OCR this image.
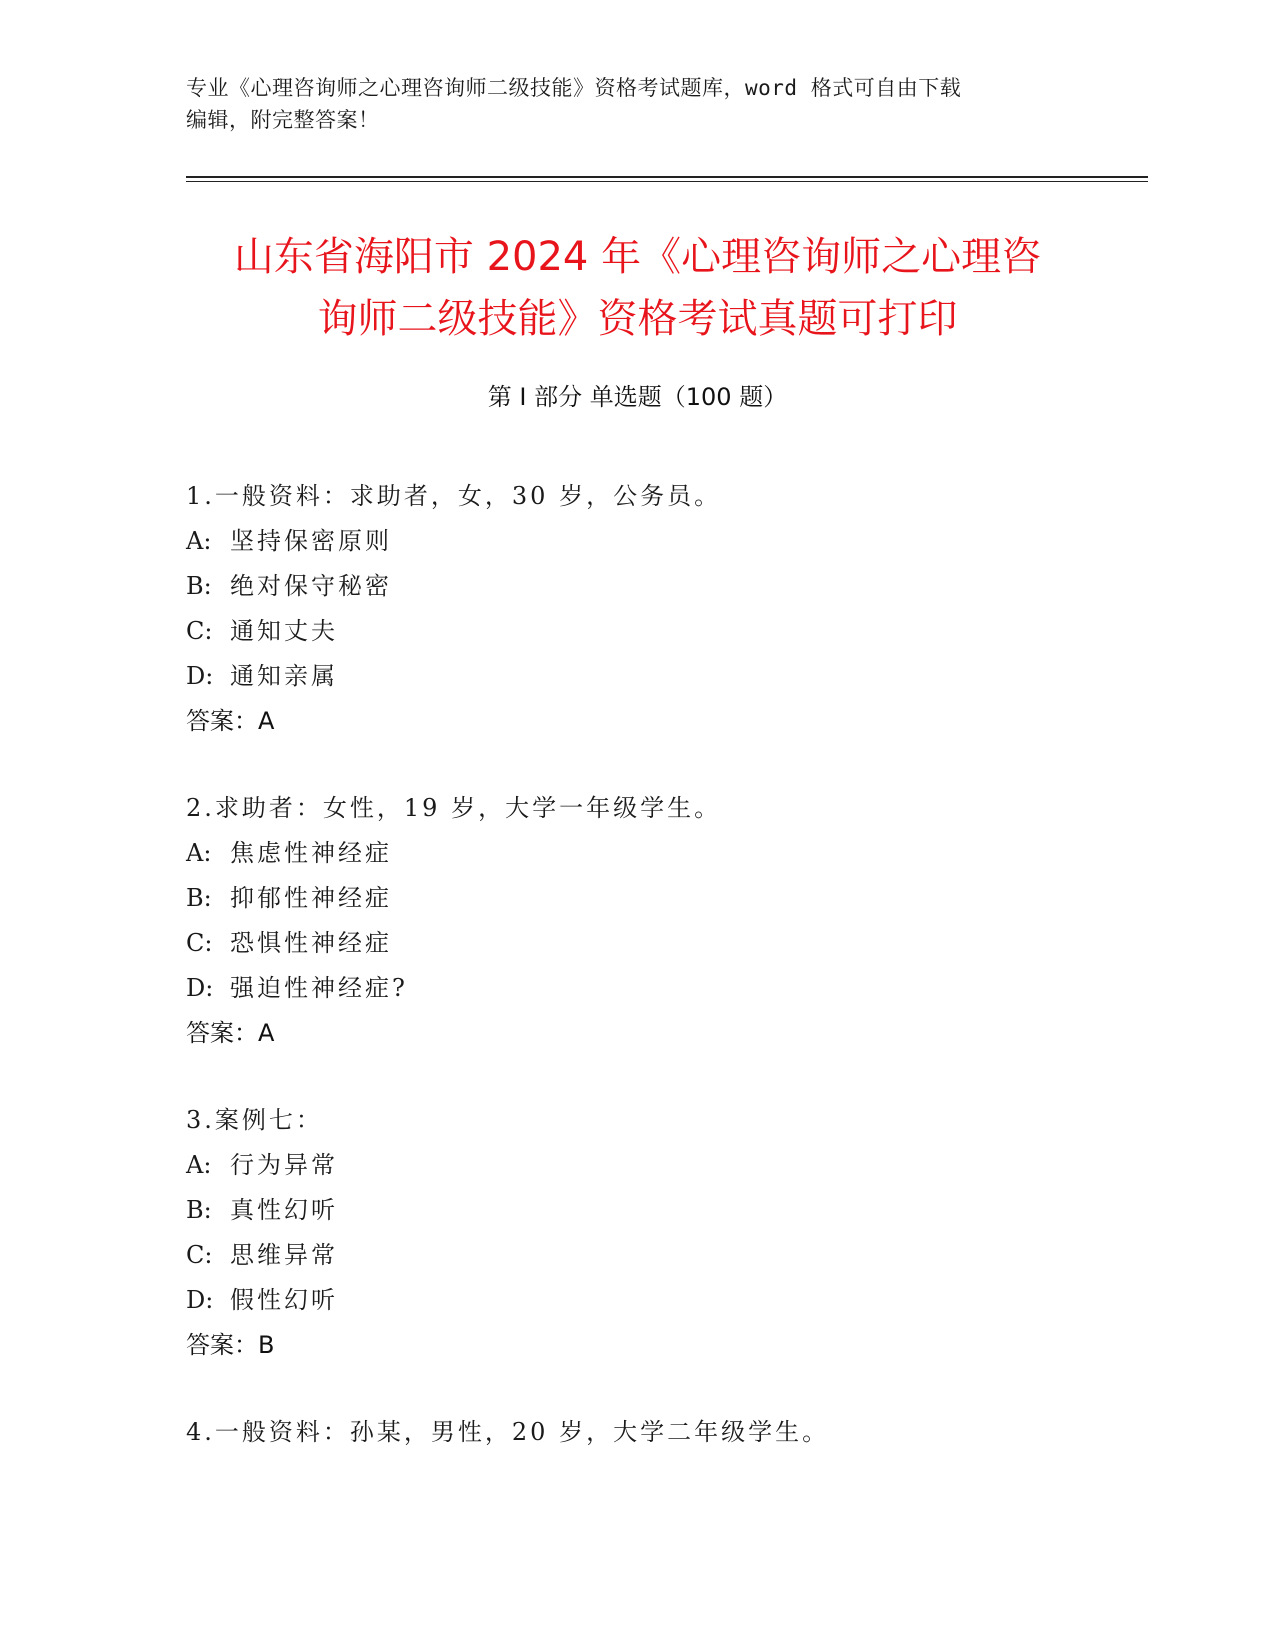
专业《心理咨询师之心理咨询师二级技能》资格考试题库，word 格式可自由下载
编辑，附完整答案！
山东省海阳市 2024 年《心理咨询师之心理咨
询师二级技能》资格考试真题可打印
第 I 部分 单选题（100 题）
1.一般资料：求助者，女，30 岁，公务员。
A: 坚持保密原则
B: 绝对保守秘密
C: 通知丈夫
D: 通知亲属
答案：A
2.求助者：女性，19 岁，大学一年级学生。
A: 焦虑性神经症
B: 抑郁性神经症
C: 恐惧性神经症
D: 强迫性神经症?
答案：A
3.案例七：
A: 行为异常
B: 真性幻听
C: 思维异常
D: 假性幻听
答案：B
4.一般资料：孙某，男性，20 岁，大学二年级学生。
